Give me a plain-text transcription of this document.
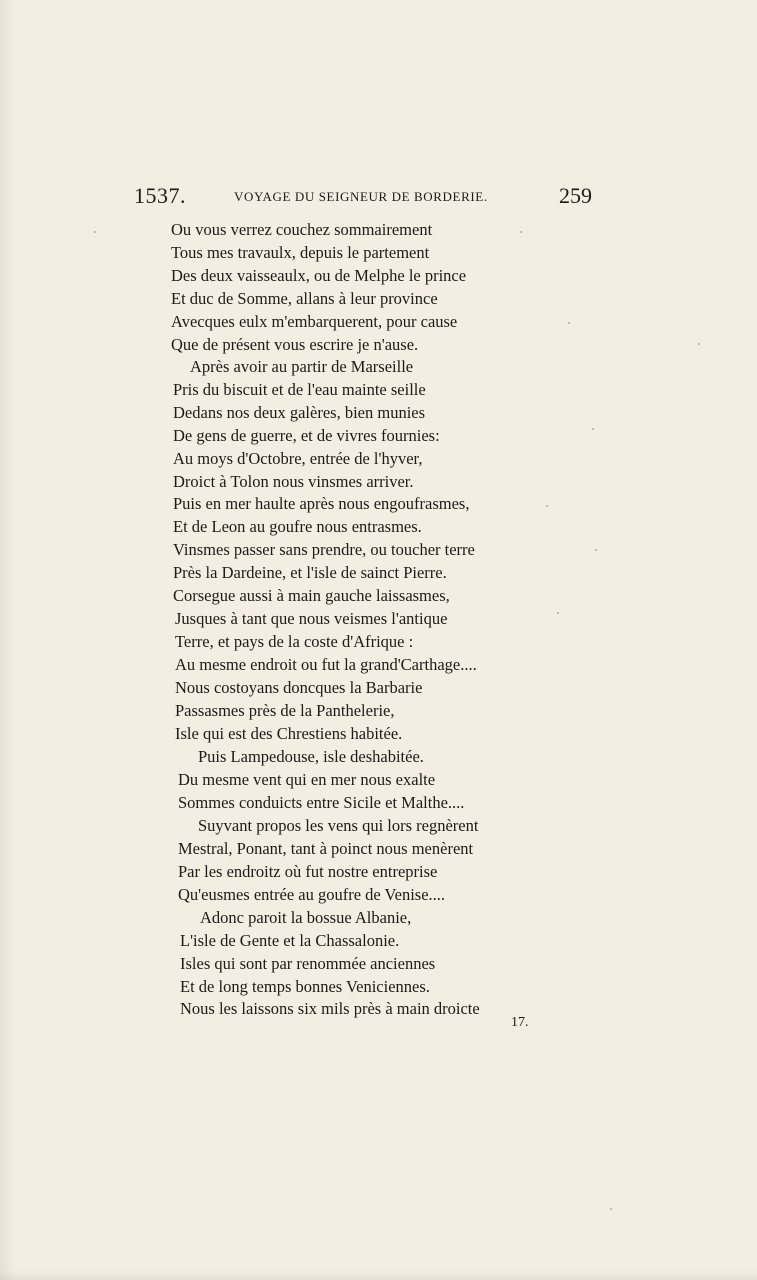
1537.	VOYAGE DU SEIGNEUR DE BORDERIE.	259
Ou vous verrez couchez sommairement
Tous mes travaulx, depuis le partement
Des deux vaisseaulx, ou de Melphe le prince
Et duc de Somme, allans à leur province
Avecques eulx m'embarquerent, pour cause
Que de présent vous escrire je n'ause.
Après avoir au partir de Marseille
Pris du biscuit et de l'eau mainte seille
Dedans nos deux galères, bien munies
De gens de guerre, et de vivres fournies:
Au moys d'Octobre, entrée de l'hyver,
Droict à Tolon nous vinsmes arriver.
Puis en mer haulte après nous engoufrasmes,
Et de Leon au goufre nous entrasmes.
Vinsmes passer sans prendre, ou toucher terre
Près la Dardeine, et l'isle de sainct Pierre.
Corsegue aussi à main gauche laissasmes,
Jusques à tant que nous veismes l'antique
Terre, et pays de la coste d'Afrique :
Au mesme endroit ou fut la grand'Carthage....
Nous costoyans doncques la Barbarie
Passasmes près de la Panthelerie,
Isle qui est des Chrestiens habitée.
Puis Lampedouse, isle deshabitée.
Du mesme vent qui en mer nous exalte
Sommes conduicts entre Sicile et Malthe....
Suyvant propos les vens qui lors regnèrent
Mestral, Ponant, tant à poinct nous menèrent
Par les endroitz où fut nostre entreprise
Qu'eusmes entrée au goufre de Venise....
Adonc paroit la bossue Albanie,
L'isle de Gente et la Chassalonie.
Isles qui sont par renommée anciennes
Et de long temps bonnes Veniciennes.
Nous les laissons six mils près à main droicte
17.
